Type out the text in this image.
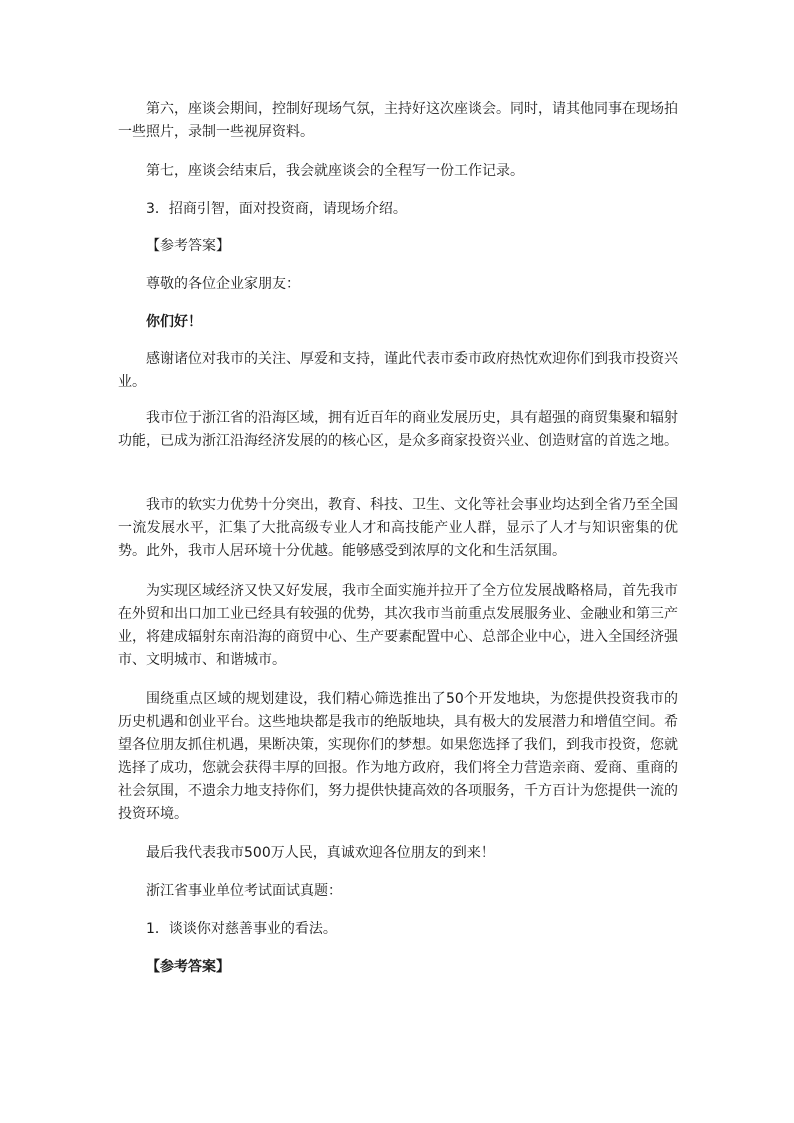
第六，座谈会期间，控制好现场气氛，主持好这次座谈会。同时，请其他同事在现场拍一些照片，录制一些视屏资料。

第七，座谈会结束后，我会就座谈会的全程写一份工作记录。

3．招商引智，面对投资商，请现场介绍。

【参考答案】

尊敬的各位企业家朋友：

你们好！

感谢诸位对我市的关注、厚爱和支持，谨此代表市委市政府热忱欢迎你们到我市投资兴业。

我市位于浙江省的沿海区域，拥有近百年的商业发展历史，具有超强的商贸集聚和辐射功能，已成为浙江沿海经济发展的的核心区，是众多商家投资兴业、创造财富的首选之地。

我市的软实力优势十分突出，教育、科技、卫生、文化等社会事业均达到全省乃至全国一流发展水平，汇集了大批高级专业人才和高技能产业人群，显示了人才与知识密集的优势。此外，我市人居环境十分优越。能够感受到浓厚的文化和生活氛围。

为实现区域经济又快又好发展，我市全面实施并拉开了全方位发展战略格局，首先我市在外贸和出口加工业已经具有较强的优势，其次我市当前重点发展服务业、金融业和第三产业，将建成辐射东南沿海的商贸中心、生产要素配置中心、总部企业中心，进入全国经济强市、文明城市、和谐城市。

围绕重点区域的规划建设，我们精心筛选推出了50个开发地块，为您提供投资我市的历史机遇和创业平台。这些地块都是我市的绝版地块，具有极大的发展潜力和增值空间。希望各位朋友抓住机遇，果断决策，实现你们的梦想。如果您选择了我们，到我市投资，您就选择了成功，您就会获得丰厚的回报。作为地方政府，我们将全力营造亲商、爱商、重商的社会氛围，不遗余力地支持你们，努力提供快捷高效的各项服务，千方百计为您提供一流的投资环境。

最后我代表我市500万人民，真诚欢迎各位朋友的到来！

浙江省事业单位考试面试真题：

1．谈谈你对慈善事业的看法。

【参考答案】
